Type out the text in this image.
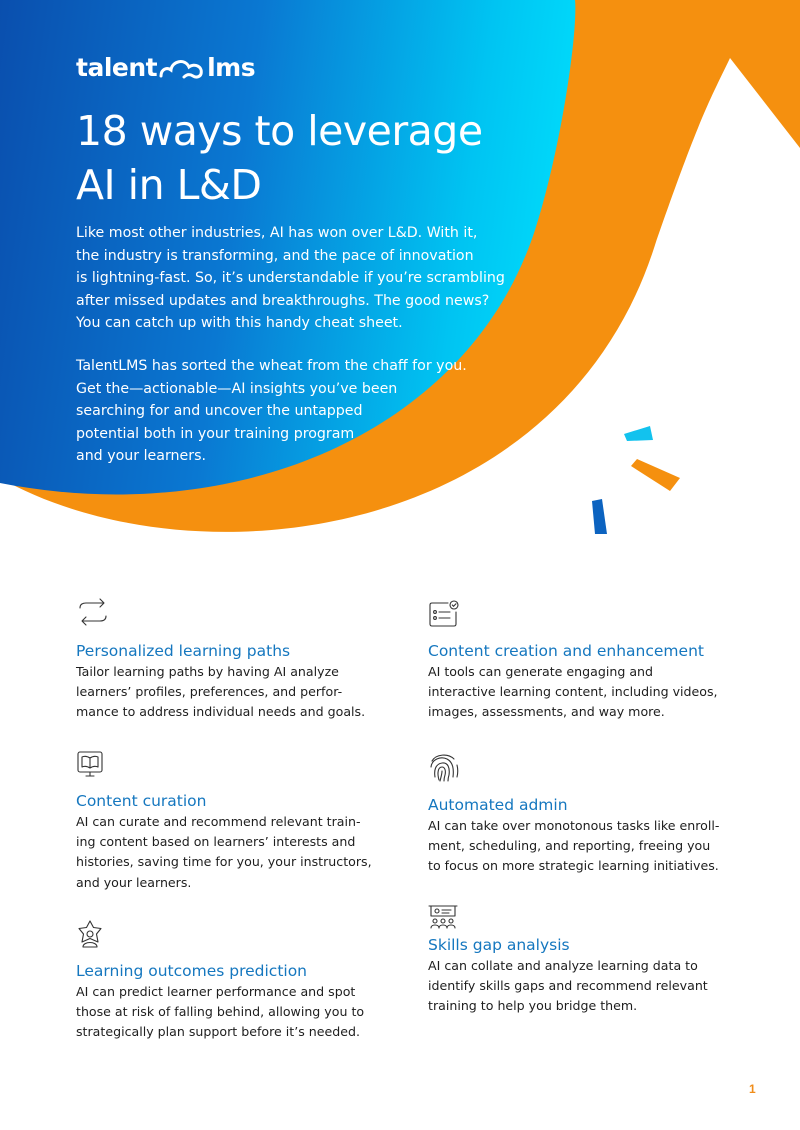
talent lms
18 ways to leverage
AI in L&D

Like most other industries, AI has won over L&D. With it,
the industry is transforming, and the pace of innovation
is lightning-fast. So, it’s understandable if you’re scrambling
after missed updates and breakthroughs. The good news?
You can catch up with this handy cheat sheet.

TalentLMS has sorted the wheat from the chaff for you.
Get the—actionable—AI insights you’ve been
searching for and uncover the untapped
potential both in your training program
and your learners.

Personalized learning paths

Tailor learning paths by having AI analyze
learners’ profiles, preferences, and perfor-
mance to address individual needs and goals.

Content creation and enhancement

AI tools can generate engaging and
interactive learning content, including videos,
images, assessments, and way more.

Content curation

AI can curate and recommend relevant train-
ing content based on learners’ interests and
histories, saving time for you, your instructors,
and your learners.

Automated admin

AI can take over monotonous tasks like enroll-
ment, scheduling, and reporting, freeing you
to focus on more strategic learning initiatives.

Skills gap analysis

AI can collate and analyze learning data to
identify skills gaps and recommend relevant
training to help you bridge them.

Learning outcomes prediction

AI can predict learner performance and spot
those at risk of falling behind, allowing you to
strategically plan support before it’s needed.

1
